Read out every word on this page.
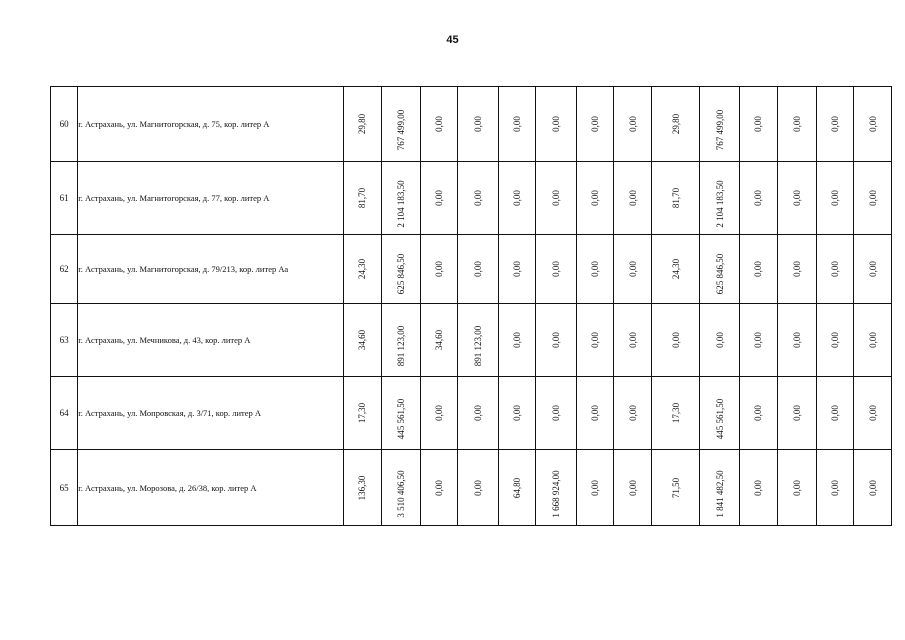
45
60	г. Астрахань, ул. Магнитогорская, д. 75, кор. литер А	29,80	767 499,00	0,00	0,00	0,00	0,00	0,00	0,00	29,80	767 499,00	0,00	0,00	0,00	0,00

61	г. Астрахань, ул. Магнитогорская, д. 77, кор. литер А	81,70	2 104 183,50	0,00	0,00	0,00	0,00	0,00	0,00	81,70	2 104 183,50	0,00	0,00	0,00	0,00

62	г. Астрахань, ул. Магнитогорская, д. 79/213, кор. литер Аа	24,30	625 846,50	0,00	0,00	0,00	0,00	0,00	0,00	24,30	625 846,50	0,00	0,00	0,00	0,00

63	г. Астрахань, ул. Мечникова, д. 43, кор. литер А	34,60	891 123,00	34,60	891 123,00	0,00	0,00	0,00	0,00	0,00	0,00	0,00	0,00	0,00	0,00

64	г. Астрахань, ул. Мопровская, д. 3/71, кор. литер А	17,30	445 561,50	0,00	0,00	0,00	0,00	0,00	0,00	17,30	445 561,50	0,00	0,00	0,00	0,00

65	г. Астрахань, ул. Морозова, д. 26/38, кор. литер А	136,30	3 510 406,50	0,00	0,00	64,80	1 668 924,00	0,00	0,00	71,50	1 841 482,50	0,00	0,00	0,00	0,00
